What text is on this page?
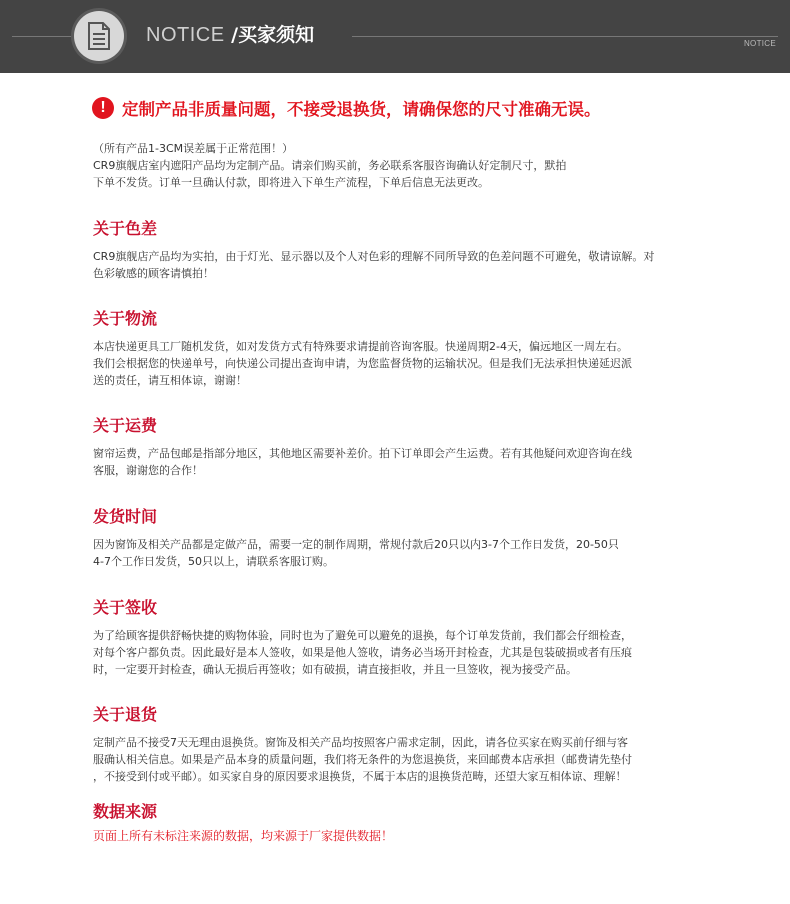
NOTICE /买家须知	NOTICE
! 定制产品非质量问题，不接受退换货，请确保您的尺寸准确无误。
（所有产品1-3CM误差属于正常范围！）
CR9旗舰店室内遮阳产品均为定制产品。请亲们购买前，务必联系客服咨询确认好定制尺寸，默拍
下单不发货。订单一旦确认付款，即将进入下单生产流程，下单后信息无法更改。
关于色差
CR9旗舰店产品均为实拍，由于灯光、显示器以及个人对色彩的理解不同所导致的色差问题不可避免，敬请谅解。对
色彩敏感的顾客请慎拍！
关于物流
本店快递更具工厂随机发货，如对发货方式有特殊要求请提前咨询客服。快递周期2-4天，偏远地区一周左右。
我们会根据您的快递单号，向快递公司提出查询申请，为您监督货物的运输状况。但是我们无法承担快递延迟派
送的责任，请互相体谅，谢谢！
关于运费
窗帘运费，产品包邮是指部分地区，其他地区需要补差价。拍下订单即会产生运费。若有其他疑问欢迎咨询在线
客服，谢谢您的合作！
发货时间
因为窗饰及相关产品都是定做产品，需要一定的制作周期，常规付款后20只以内3-7个工作日发货，20-50只
4-7个工作日发货，50只以上，请联系客服订购。
关于签收
为了给顾客提供舒畅快捷的购物体验，同时也为了避免可以避免的退换，每个订单发货前，我们都会仔细检查，
对每个客户都负责。因此最好是本人签收，如果是他人签收，请务必当场开封检查，尤其是包装破损或者有压痕
时，一定要开封检查，确认无损后再签收；如有破损，请直接拒收，并且一旦签收，视为接受产品。
关于退货
定制产品不接受7天无理由退换货。窗饰及相关产品均按照客户需求定制，因此，请各位买家在购买前仔细与客
服确认相关信息。如果是产品本身的质量问题，我们将无条件的为您退换货，来回邮费本店承担（邮费请先垫付
，不接受到付或平邮）。如买家自身的原因要求退换货，不属于本店的退换货范畴，还望大家互相体谅、理解！
数据来源
页面上所有未标注来源的数据，均来源于厂家提供数据！
